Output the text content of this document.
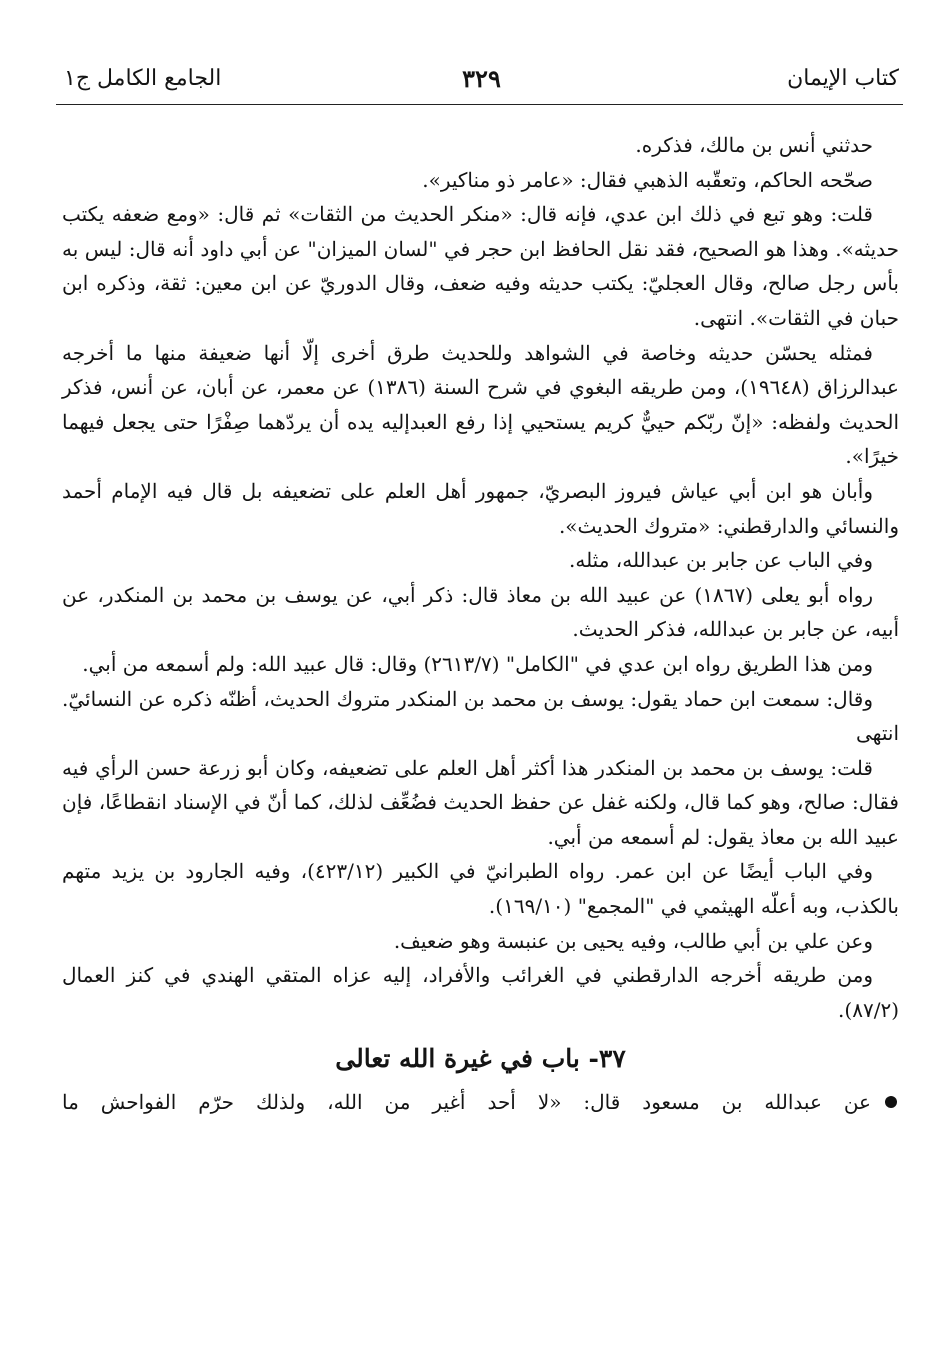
كتاب الإيمان
٣٢٩
الجامع الكامل ج١

حدثني أنس بن مالك، فذكره.

صحّحه الحاكم، وتعقّبه الذهبي فقال: «عامر ذو مناكير».

قلت: وهو تبع في ذلك ابن عدي، فإنه قال: «منكر الحديث من الثقات» ثم قال: «ومع ضعفه يكتب حديثه». وهذا هو الصحيح، فقد نقل الحافظ ابن حجر في "لسان الميزان" عن أبي داود أنه قال: ليس به بأس رجل صالح، وقال العجليّ: يكتب حديثه وفيه ضعف، وقال الدوريّ عن ابن معين: ثقة، وذكره ابن حبان في الثقات». انتهى.

فمثله يحسّن حديثه وخاصة في الشواهد وللحديث طرق أخرى إلّا أنها ضعيفة منها ما أخرجه عبدالرزاق (١٩٦٤٨)، ومن طريقه البغوي في شرح السنة (١٣٨٦) عن معمر، عن أبان، عن أنس، فذكر الحديث ولفظه: «إنّ ربّكم حييٌّ كريم يستحيي إذا رفع العبدإليه يده أن يردّهما صِفْرًا حتى يجعل فيهما خيرًا».

وأبان هو ابن أبي عياش فيروز البصريّ، جمهور أهل العلم على تضعيفه بل قال فيه الإمام أحمد والنسائي والدارقطني: «متروك الحديث».

وفي الباب عن جابر بن عبدالله، مثله.

رواه أبو يعلى (١٨٦٧) عن عبيد الله بن معاذ قال: ذكر أبي، عن يوسف بن محمد بن المنكدر، عن أبيه، عن جابر بن عبدالله، فذكر الحديث.

ومن هذا الطريق رواه ابن عدي في "الكامل" (٢٦١٣/٧) وقال: قال عبيد الله: ولم أسمعه من أبي.

وقال: سمعت ابن حماد يقول: يوسف بن محمد بن المنكدر متروك الحديث، أظنّه ذكره عن النسائيّ. انتهى

قلت: يوسف بن محمد بن المنكدر هذا أكثر أهل العلم على تضعيفه، وكان أبو زرعة حسن الرأي فيه فقال: صالح، وهو كما قال، ولكنه غفل عن حفظ الحديث فضُعِّف لذلك، كما أنّ في الإسناد انقطاعًا، فإن عبيد الله بن معاذ يقول: لم أسمعه من أبي.

وفي الباب أيضًا عن ابن عمر. رواه الطبرانيّ في الكبير (٤٢٣/١٢)، وفيه الجارود بن يزيد متهم بالكذب، وبه أعلّه الهيثمي في "المجمع" (١٦٩/١٠).

وعن علي بن أبي طالب، وفيه يحيى بن عنبسة وهو ضعيف.

ومن طريقه أخرجه الدارقطني في الغرائب والأفراد، إليه عزاه المتقي الهندي في كنز العمال (٨٧/٢).

٣٧- باب في غيرة الله تعالى

عن عبدالله بن مسعود قال: «لا أحد أغير من الله، ولذلك حرّم الفواحش ما
